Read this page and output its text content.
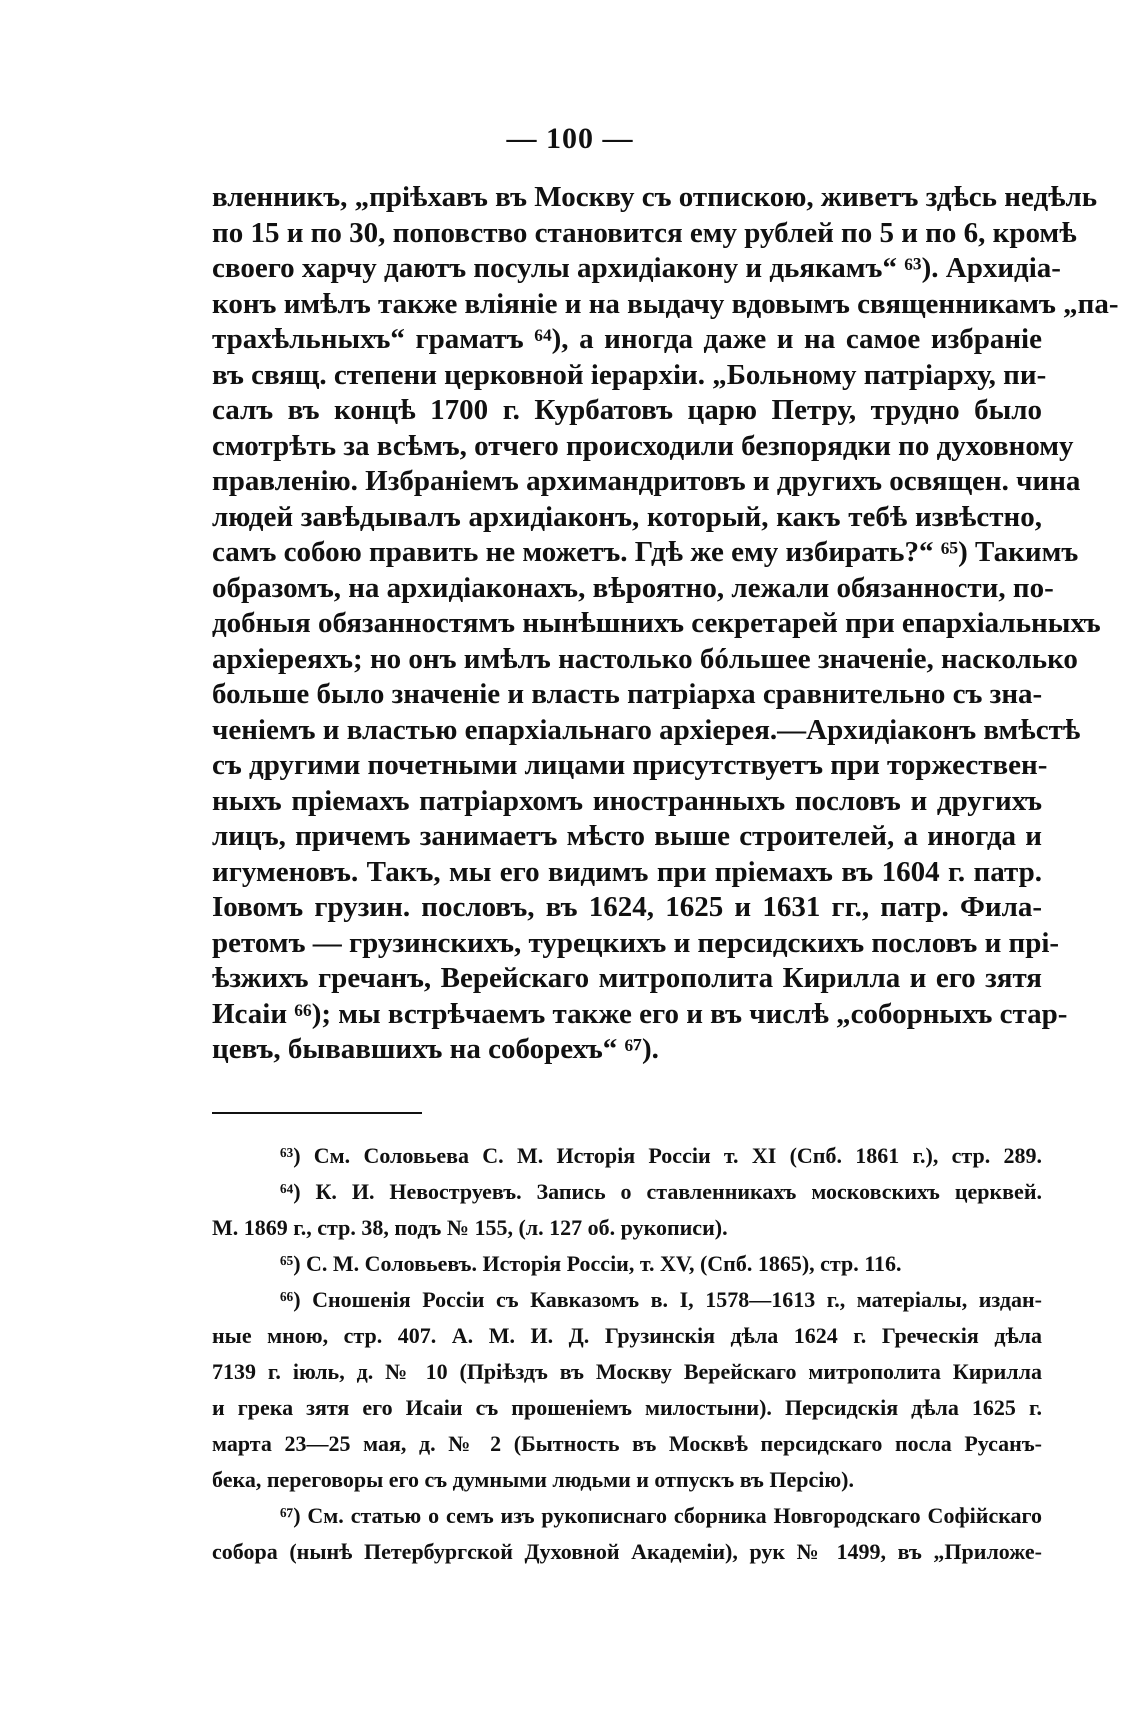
— 100 —
вленникъ, „пріѣхавъ въ Москву съ отпискою, живетъ здѣсь недѣль
по 15 и по 30, поповство становится ему рублей по 5 и по 6, кромѣ
своего харчу даютъ посулы архидіакону и дьякамъ“ ⁶³). Архидіа-
конъ имѣлъ также вліяніе и на выдачу вдовымъ священникамъ „па-
трахѣльныхъ“ граматъ ⁶⁴), а иногда даже и на самое избраніе
въ свящ. степени церковной іерархіи. „Больному патріарху, пи-
салъ въ концѣ 1700 г. Курбатовъ царю Петру, трудно было
смотрѣть за всѣмъ, отчего происходили безпорядки по духовному
правленію. Избраніемъ архимандритовъ и другихъ освящен. чина
людей завѣдывалъ архидіаконъ, который, какъ тебѣ извѣстно,
самъ собою править не можетъ. Гдѣ же ему избирать?“ ⁶⁵) Такимъ
образомъ, на архидіаконахъ, вѣроятно, лежали обязанности, по-
добныя обязанностямъ нынѣшнихъ секретарей при епархіальныхъ
архіереяхъ; но онъ имѣлъ настолько бóльшее значеніе, насколько
больше было значеніе и власть патріарха сравнительно съ зна-
ченіемъ и властью епархіальнаго архіерея.—Архидіаконъ вмѣстѣ
съ другими почетными лицами присутствуетъ при торжествен-
ныхъ пріемахъ патріархомъ иностранныхъ пословъ и другихъ
лицъ, причемъ занимаетъ мѣсто выше строителей, а иногда и
игуменовъ. Такъ, мы его видимъ при пріемахъ въ 1604 г. патр.
Іовомъ грузин. пословъ, въ 1624, 1625 и 1631 гг., патр. Фила-
ретомъ — грузинскихъ, турецкихъ и персидскихъ пословъ и прі-
ѣзжихъ гречанъ, Верейскаго митрополита Кирилла и его зятя
Исаіи ⁶⁶); мы встрѣчаемъ также его и въ числѣ „соборныхъ стар-
цевъ, бывавшихъ на соборехъ“ ⁶⁷).
⁶³) См. Соловьева С. М. Исторія Россіи т. XI (Спб. 1861 г.), стр. 289.
⁶⁴) К. И. Невоструевъ. Запись о ставленникахъ московскихъ церквей.
М. 1869 г., стр. 38, подъ № 155, (л. 127 об. рукописи).
⁶⁵) С. М. Соловьевъ. Исторія Россіи, т. XV, (Спб. 1865), стр. 116.
⁶⁶) Сношенія Россіи съ Кавказомъ в. I, 1578—1613 г., матеріалы, издан-
ные мною, стр. 407. А. М. И. Д. Грузинскія дѣла 1624 г. Греческія дѣла
7139 г. іюль, д. № 10 (Пріѣздъ въ Москву Верейскаго митрополита Кирилла
и грека зятя его Исаіи съ прошеніемъ милостыни). Персидскія дѣла 1625 г.
марта 23—25 мая, д. № 2 (Бытность въ Москвѣ персидскаго посла Русанъ-
бека, переговоры его съ думными людьми и отпускъ въ Персію).
⁶⁷) См. статью о семъ изъ рукописнаго сборника Новгородскаго Софійскаго
собора (нынѣ Петербургской Духовной Академіи), рук № 1499, въ „Приложе-
